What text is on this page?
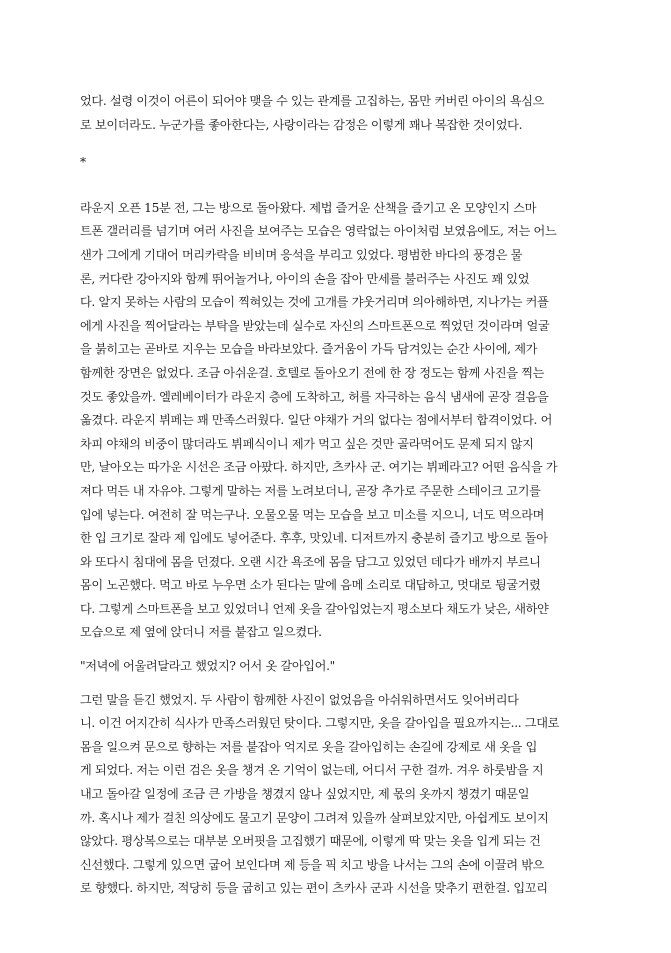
었다. 설령 이것이 어른이 되어야 맺을 수 있는 관계를 고집하는, 몸만 커버린 아이의 욕심으
로 보이더라도. 누군가를 좋아한다는, 사랑이라는 감정은 이렇게 꽤나 복잡한 것이었다.

*

라운지 오픈 15분 전, 그는 방으로 돌아왔다. 제법 즐거운 산책을 즐기고 온 모양인지 스마
트폰 갤러리를 넘기며 여러 사진을 보여주는 모습은 영락없는 아이처럼 보였음에도, 저는 어느
샌가 그에게 기대어 머리카락을 비비며 응석을 부리고 있었다. 평범한 바다의 풍경은 물
론, 커다란 강아지와 함께 뛰어놀거나, 아이의 손을 잡아 만세를 불러주는 사진도 꽤 있었
다. 알지 못하는 사람의 모습이 찍혀있는 것에 고개를 갸웃거리며 의아해하면, 지나가는 커플
에게 사진을 찍어달라는 부탁을 받았는데 실수로 자신의 스마트폰으로 찍었던 것이라며 얼굴
을 붉히고는 곧바로 지우는 모습을 바라보았다. 즐거움이 가득 담겨있는 순간 사이에, 제가
함께한 장면은 없었다. 조금 아쉬운걸. 호텔로 돌아오기 전에 한 장 정도는 함께 사진을 찍는
것도 좋았을까. 엘레베이터가 라운지 층에 도착하고, 허를 자극하는 음식 냄새에 곧장 걸음을
옮겼다. 라운지 뷔페는 꽤 만족스러웠다. 일단 야채가 거의 없다는 점에서부터 합격이었다. 어
차피 야채의 비중이 많더라도 뷔페식이니 제가 먹고 싶은 것만 골라먹어도 문제 되지 않지
만, 날아오는 따가운 시선은 조금 아팠다. 하지만, 츠카사 군. 여기는 뷔페라고? 어떤 음식을 가
져다 먹든 내 자유야. 그렇게 말하는 저를 노려보더니, 곧장 추가로 주문한 스테이크 고기를
입에 넣는다. 여전히 잘 먹는구나. 오물오물 먹는 모습을 보고 미소를 지으니, 너도 먹으라며
한 입 크기로 잘라 제 입에도 넣어준다. 후후, 맛있네. 디저트까지 충분히 즐기고 방으로 돌아
와 또다시 침대에 몸을 던졌다. 오랜 시간 욕조에 몸을 담그고 있었던 데다가 배까지 부르니
몸이 노곤했다. 먹고 바로 누우면 소가 된다는 말에 음메 소리로 대답하고, 멋대로 뒹굴거렸
다. 그렇게 스마트폰을 보고 있었더니 언제 옷을 갈아입었는지 평소보다 채도가 낮은, 새하얀
모습으로 제 옆에 앉더니 저를 붙잡고 일으켰다.

"저녁에 어울려달라고 했었지? 어서 옷 갈아입어."

그런 말을 듣긴 했었지. 두 사람이 함께한 사진이 없었음을 아쉬워하면서도 잊어버리다
니. 이건 어지간히 식사가 만족스러웠던 탓이다. 그렇지만, 옷을 갈아입을 필요까지는... 그대로
몸을 일으켜 문으로 향하는 저를 붙잡아 억지로 옷을 갈아입히는 손길에 강제로 새 옷을 입
게 되었다. 저는 이런 검은 옷을 챙겨 온 기억이 없는데, 어디서 구한 걸까. 겨우 하룻밤을 지
내고 돌아갈 일정에 조금 큰 가방을 챙겼지 않나 싶었지만, 제 몫의 옷까지 챙겼기 때문일
까. 혹시나 제가 걸친 의상에도 물고기 문양이 그려져 있을까 살펴보았지만, 아쉽게도 보이지
않았다. 평상복으로는 대부분 오버핏을 고집했기 때문에, 이렇게 딱 맞는 옷을 입게 되는 건
신선했다. 그렇게 있으면 굽어 보인다며 제 등을 픽 치고 방을 나서는 그의 손에 이끌려 밖으
로 향했다. 하지만, 적당히 등을 굽히고 있는 편이 츠카사 군과 시선을 맞추기 편한걸. 입꼬리
